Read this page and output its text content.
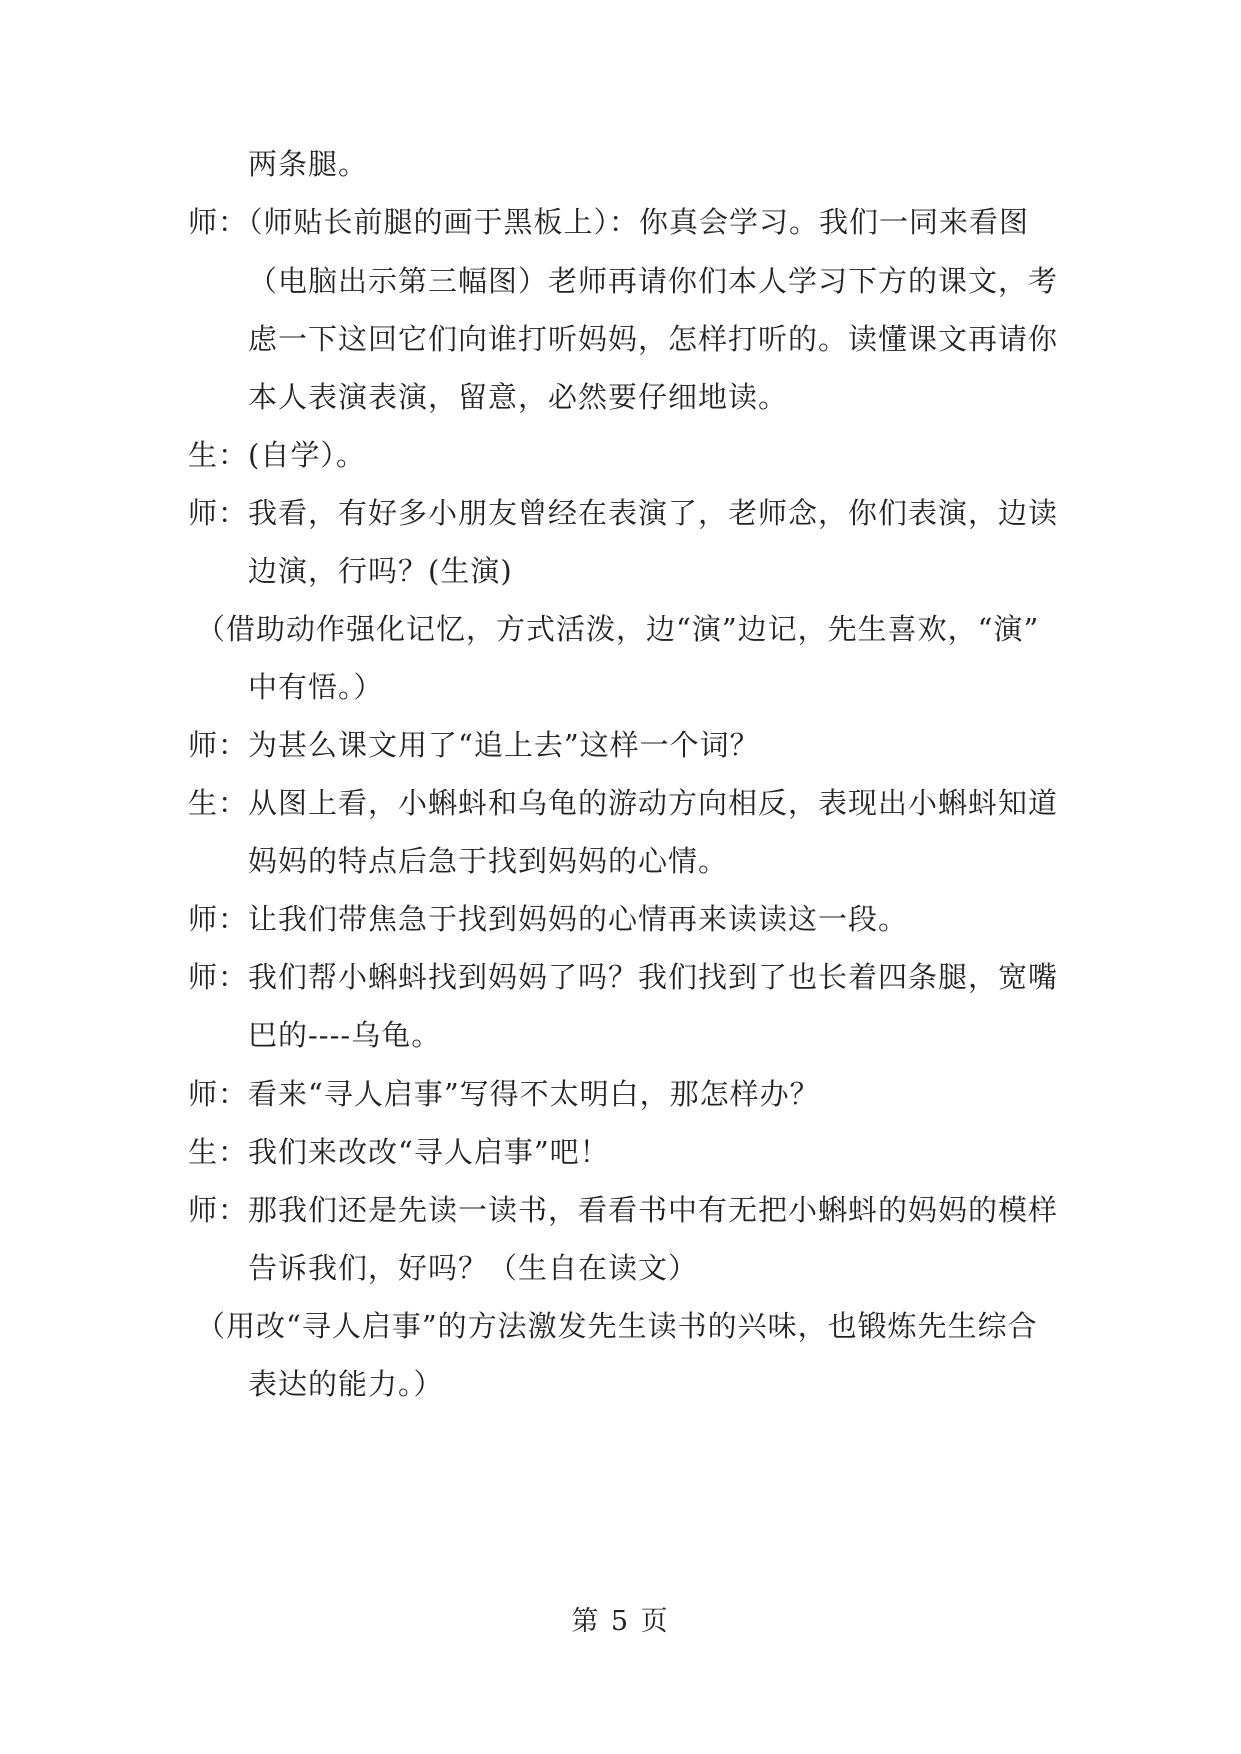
两条腿。
师：（师贴长前腿的画于黑板上）：你真会学习。我们一同来看图
（电脑出示第三幅图）老师再请你们本人学习下方的课文，考
虑一下这回它们向谁打听妈妈，怎样打听的。读懂课文再请你
本人表演表演，留意，必然要仔细地读。
生：(自学）。
师：我看，有好多小朋友曾经在表演了，老师念，你们表演，边读
边演，行吗？(生演)
（借助动作强化记忆，方式活泼，边“演”边记，先生喜欢，“演”
中有悟。）
师：为甚么课文用了“追上去”这样一个词？
生：从图上看，小蝌蚪和乌龟的游动方向相反，表现出小蝌蚪知道
妈妈的特点后急于找到妈妈的心情。
师：让我们带焦急于找到妈妈的心情再来读读这一段。
师：我们帮小蝌蚪找到妈妈了吗？我们找到了也长着四条腿，宽嘴
巴的----乌龟。
师：看来“寻人启事”写得不太明白，那怎样办？
生：我们来改改“寻人启事”吧！
师：那我们还是先读一读书，看看书中有无把小蝌蚪的妈妈的模样
告诉我们，好吗？（生自在读文）
（用改“寻人启事”的方法激发先生读书的兴味，也锻炼先生综合
表达的能力。）
第 5 页
